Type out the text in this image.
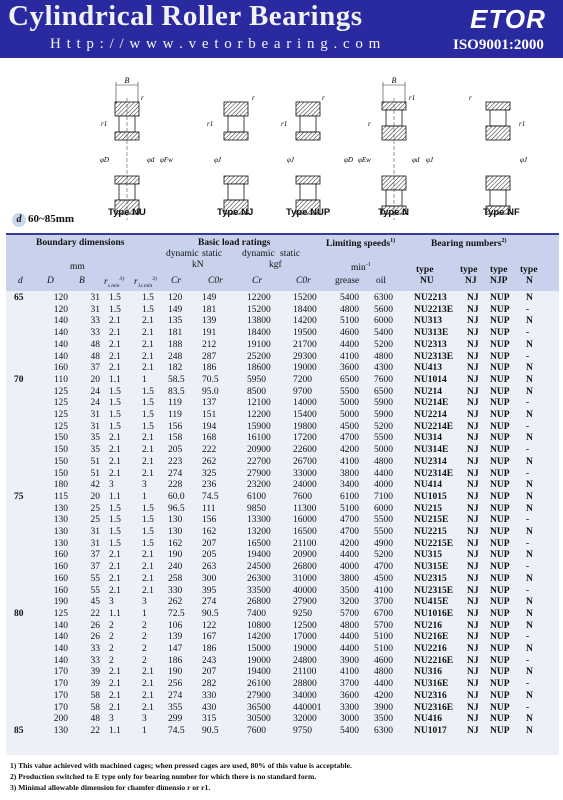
Cylindrical Roller Bearings
H t t p : / / w w w . v e t o r b e a r i n g . c o m
ETOR
ISO9001:2000
B
r
r1
φD	φd φFw
r
r1
φJ
r
r1
φJ
B
r1
r
φD φEw	φd φJ
r
r1
φJ
Type NU	Type NJ	Type NUP	Type N	Type NF
d 60~85mm
Boundary dimensions	Basic load ratings	Limiting speeds$^{1)}$	Bearing numbers$^{2)}$
dynamic static
kN
dynamic static
kgf
mm	$\min^{-1}$
d	D	B $r_{s min}^{3)}$ $r_{1s min}^{3)}$ Cr	C0r	Cr	C0r	grease oil
type
NU
type
NJ
type
NJP
type
N
65	120	31 1.5 1.5 120 149	12200 15200 5400 6300 NU2213 NJ NUP N
120	31 1.5 1.5 149 181	15200 18400 4800 5600 NU2213E NJ NUP -
140	33 2.1 2.1 135 139	13800 14200 5100 6000 NU313	NJ NUP N
140	33 2.1 2.1 181 191	18400 19500 4600 5400 NU313E NJ NUP -
140	48 2.1 2.1 188 212	19100 21700 4400 5200 NU2313 NJ NUP N
140	48 2.1 2.1 248 287	25200 29300 4100 4800 NU2313E NJ NUP -
160	37 2.1 2.1 182 186	18600 19000 3600 4300 NU413	NJ NUP N
70	110	20 1.1 1 58.5 70.5	5950	7200	6500 7600 NU1014 NJ NUP N
125	24 1.5 1.5 83.5 95.0	8500	9700	5500 6500 NU214	NJ NUP N
125	24 1.5 1.5 119 137	12100 14000 5000 5900 NU214E NJ NUP -
125	31 1.5 1.5 119 151	12200 15400 5000 5900 NU2214 NJ NUP N
125	31 1.5 1.5 156 194	15900 19800 4500 5200 NU2214E NJ NUP -
150	35 2.1 2.1 158 168	16100 17200 4700 5500 NU314	NJ NUP N
150	35 2.1 2.1 205 222	20900 22600 4200 5000 NU314E NJ NUP -
150	51 2.1 2.1 223 262	22700 26700 4100 4800 NU2314 NJ NUP N
150	51 2.1 2.1 274 325	27900 33000 3800 4400 NU2314E NJ NUP -
180	42 3	3 228 236	23200 24000 3400 4000 NU414	NJ NUP N
75	115	20 1.1 1 60.0 74.5	6100	7600	6100 7100 NU1015 NJ NUP N
130	25 1.5 1.5 96.5 111	9850	11300 5100 6000 NU215	NJ NUP N
130	25 1.5 1.5 130 156	13300 16000 4700 5500 NU215E NJ NUP -
130	31 1.5 1.5 130 162	13200 16500 4700 5500 NU2215 NJ NUP N
130	31 1.5 1.5 162 207	16500 21100 4200 4900 NU2215E NJ NUP -
160	37 2.1 2.1 190 205	19400 20900 4400 5200 NU315	NJ NUP N
160	37 2.1 2.1 240 263	24500 26800 4000 4700 NU315E NJ NUP -
160	55 2.1 2.1 258 300	26300 31000 3800 4500 NU2315 NJ NUP N
160	55 2.1 2.1 330 395	33500 40000 3500 4100 NU2315E NJ NUP -
190	45 3	3 262 274	26800 27900 3200 3700 NU415E NJ NUP N
80	125	22 1.1 1 72.5 90.5	7400	9250	5700 6700 NU1016E NJ NUP N
140	26 2	2 106 122	10800 12500 4800 5700 NU216	NJ NUP N
140	26 2	2 139 167	14200 17000 4400 5100 NU216E NJ NUP -
140	33 2	2 147 186	15000 19000 4400 5100 NU2216 NJ NUP N
140	33 2	2 186 243	19000 24800 3900 4600 NU2216E NJ NUP -
170	39 2.1 2.1 190 207	19400 21100 4100 4800 NU316	NJ NUP N
170	39 2.1 2.1 256 282	26100 28800 3700 4400 NU316E NJ NUP -
170	58 2.1 2.1 274 330	27900 34000 3600 4200 NU2316 NJ NUP N
170	58 2.1 2.1 355 430	36500 440001 3300 3900 NU2316E NJ NUP -
200	48 3	3 299 315	30500 32000 3000 3500 NU416	NJ NUP N
85	130	22 1.1 1 74.5 90.5	7600	9750	5400 6300 NU1017 NJ NUP N
1) This value achieved with machined cages; when pressed cages are used, 80% of this value is acceptable.
2) Production switched to E type only for bearing number for which there is no standard form.
3) Minimal allowable dimension for chamfer dimensio r or r1.
